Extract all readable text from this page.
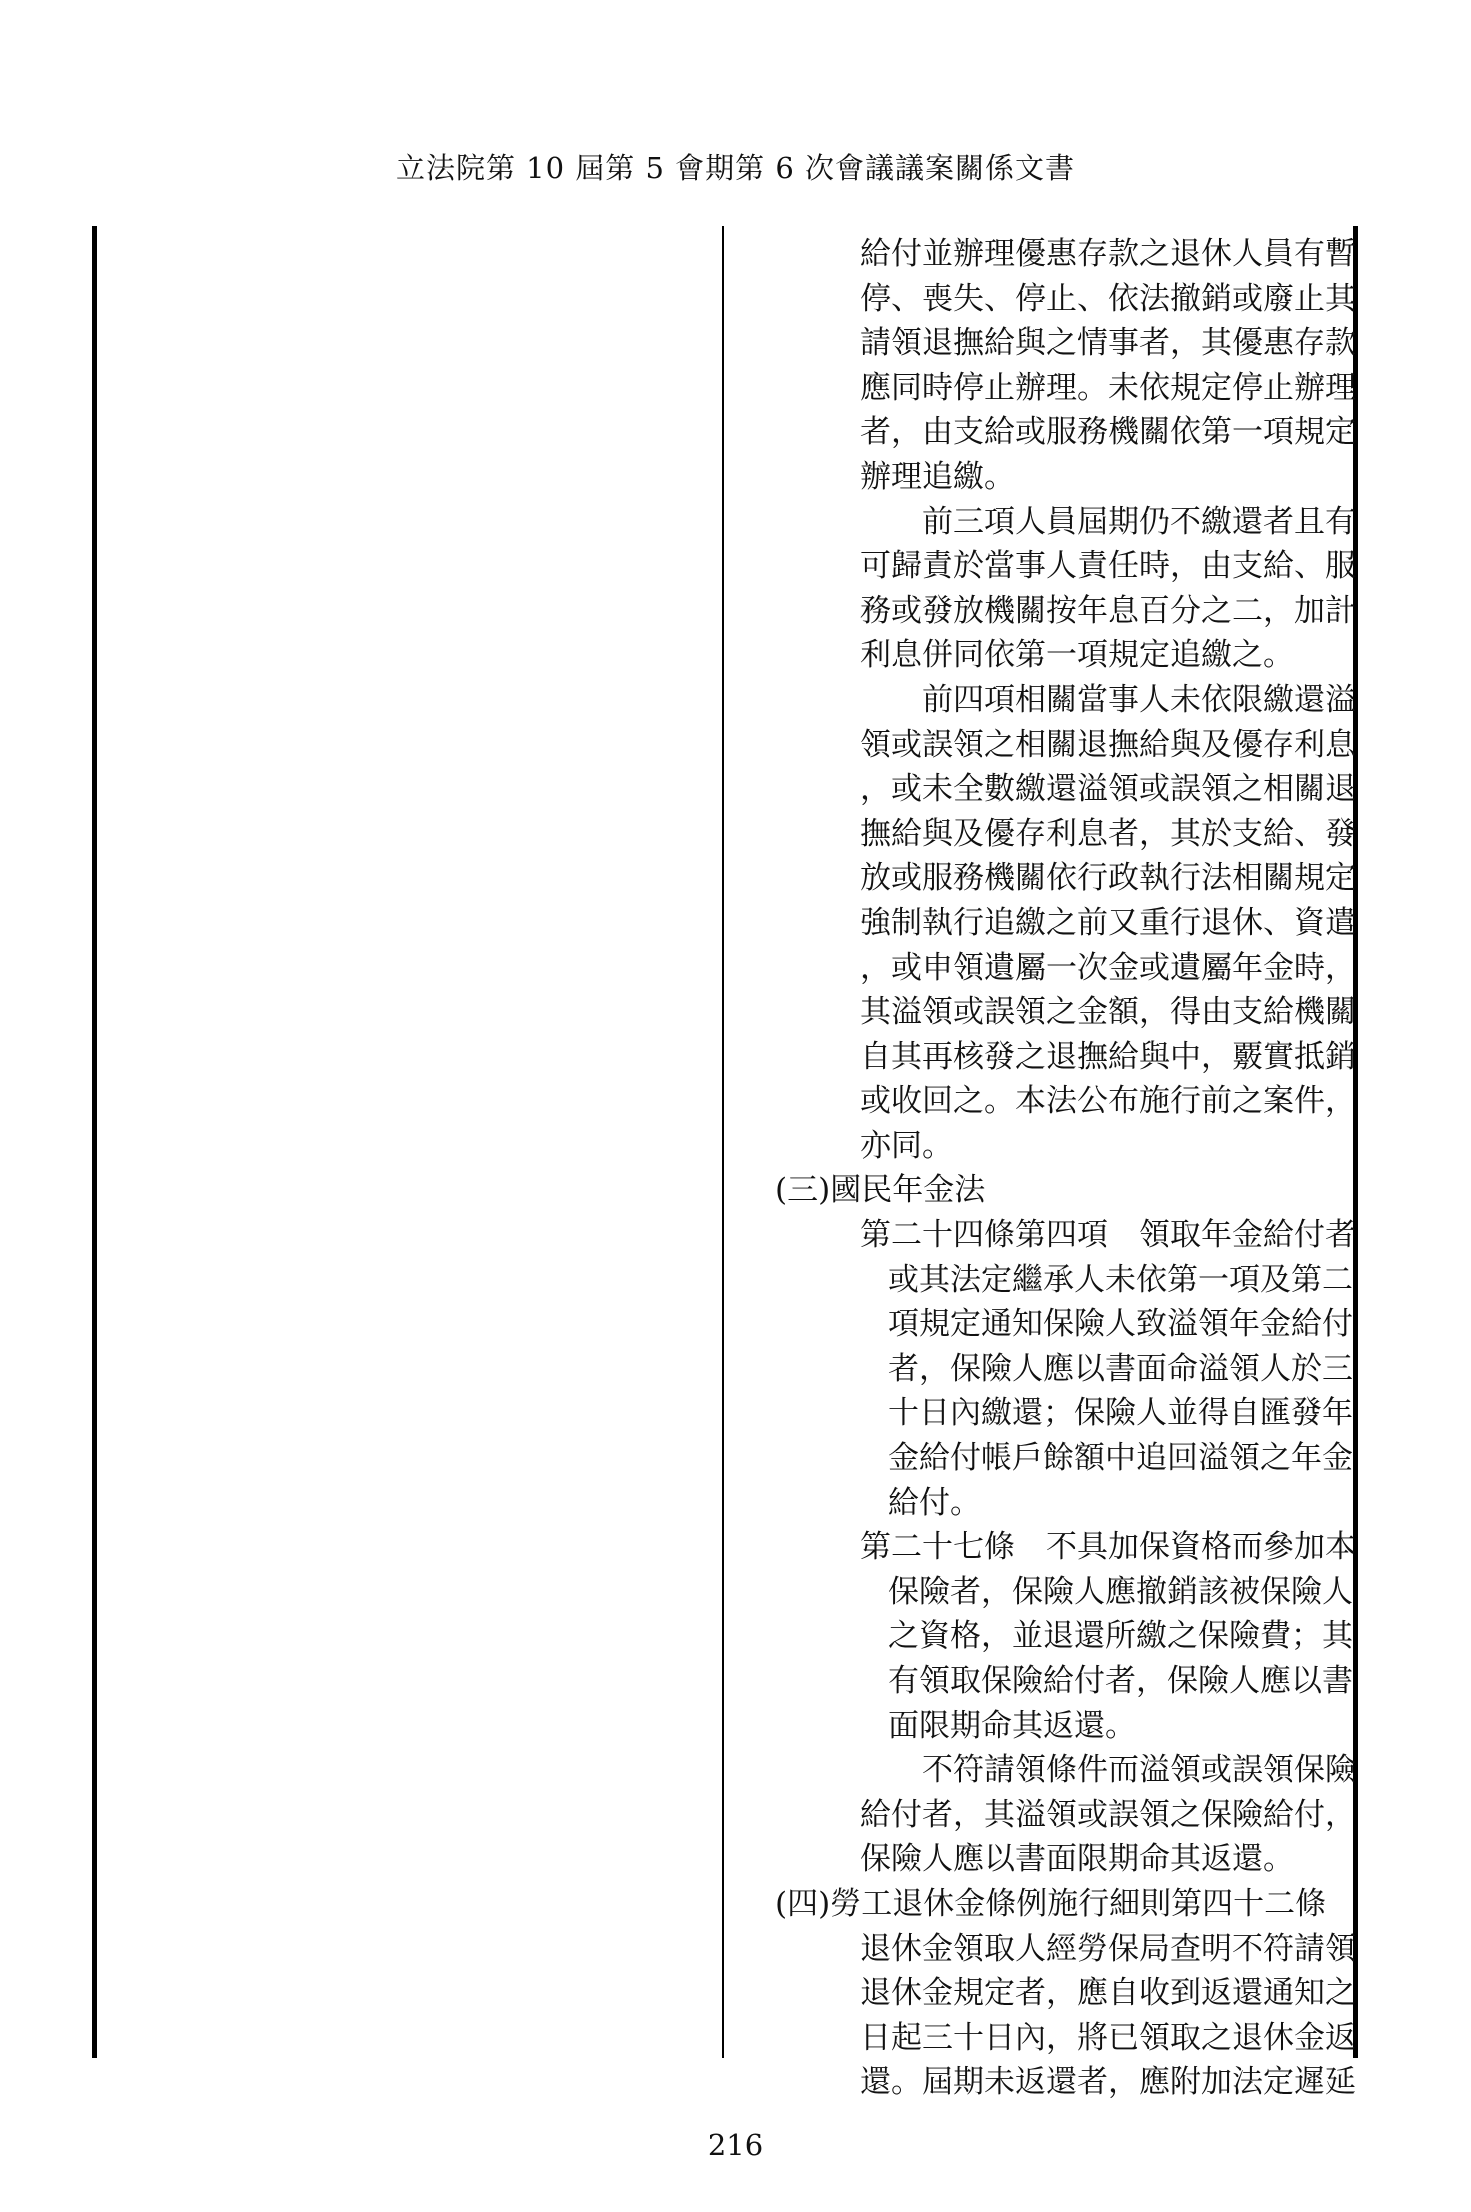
立法院第 10 屆第 5 會期第 6 次會議議案關係文書
給付並辦理優惠存款之退休人員有暫
停、喪失、停止、依法撤銷或廢止其
請領退撫給與之情事者，其優惠存款
應同時停止辦理。未依規定停止辦理
者，由支給或服務機關依第一項規定
辦理追繳。
　　前三項人員屆期仍不繳還者且有
可歸責於當事人責任時，由支給、服
務或發放機關按年息百分之二，加計
利息併同依第一項規定追繳之。
　　前四項相關當事人未依限繳還溢
領或誤領之相關退撫給與及優存利息
，或未全數繳還溢領或誤領之相關退
撫給與及優存利息者，其於支給、發
放或服務機關依行政執行法相關規定
強制執行追繳之前又重行退休、資遣
，或申領遺屬一次金或遺屬年金時，
其溢領或誤領之金額，得由支給機關
自其再核發之退撫給與中，覈實抵銷
或收回之。本法公布施行前之案件，
亦同。
(三)國民年金法
第二十四條第四項　領取年金給付者
或其法定繼承人未依第一項及第二
項規定通知保險人致溢領年金給付
者，保險人應以書面命溢領人於三
十日內繳還；保險人並得自匯發年
金給付帳戶餘額中追回溢領之年金
給付。
第二十七條　不具加保資格而參加本
保險者，保險人應撤銷該被保險人
之資格，並退還所繳之保險費；其
有領取保險給付者，保險人應以書
面限期命其返還。
　　不符請領條件而溢領或誤領保險
給付者，其溢領或誤領之保險給付，
保險人應以書面限期命其返還。
(四)勞工退休金條例施行細則第四十二條
退休金領取人經勞保局查明不符請領
退休金規定者，應自收到返還通知之
日起三十日內，將已領取之退休金返
還。屆期未返還者，應附加法定遲延
216
